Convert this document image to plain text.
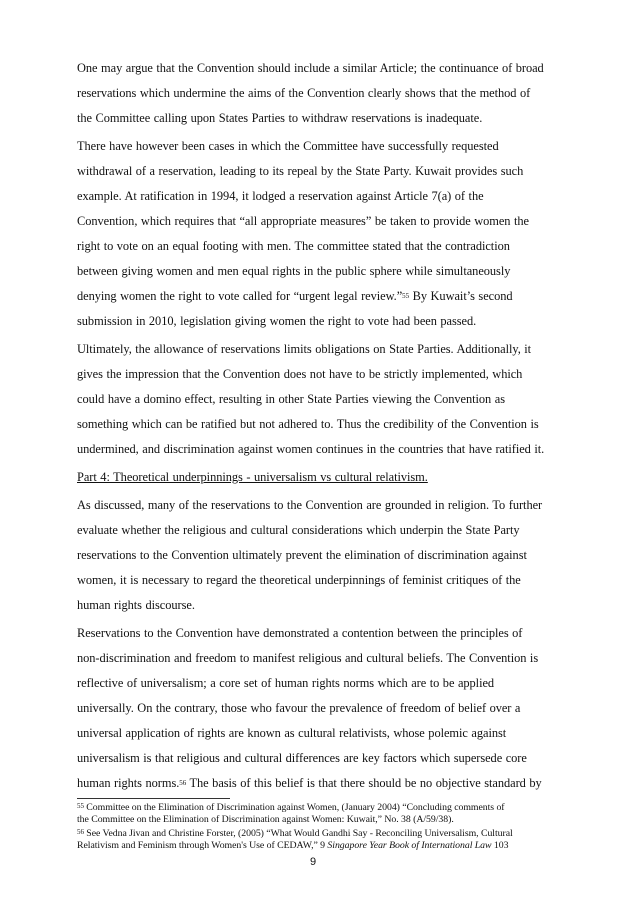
One may argue that the Convention should include a similar Article; the continuance of broad
reservations which undermine the aims of the Convention clearly shows that the method of
the Committee calling upon States Parties to withdraw reservations is inadequate.
There have however been cases in which the Committee have successfully requested
withdrawal of a reservation, leading to its repeal by the State Party. Kuwait provides such
example. At ratification in 1994, it lodged a reservation against Article 7(a) of the
Convention, which requires that “all appropriate measures” be taken to provide women the
right to vote on an equal footing with men. The committee stated that the contradiction
between giving women and men equal rights in the public sphere while simultaneously
denying women the right to vote called for “urgent legal review.”$^{55}$ By Kuwait’s second
submission in 2010, legislation giving women the right to vote had been passed.
Ultimately, the allowance of reservations limits obligations on State Parties. Additionally, it
gives the impression that the Convention does not have to be strictly implemented, which
could have a domino effect, resulting in other State Parties viewing the Convention as
something which can be ratified but not adhered to. Thus the credibility of the Convention is
undermined, and discrimination against women continues in the countries that have ratified it.
Part 4: Theoretical underpinnings - universalism vs cultural relativism.
As discussed, many of the reservations to the Convention are grounded in religion. To further
evaluate whether the religious and cultural considerations which underpin the State Party
reservations to the Convention ultimately prevent the elimination of discrimination against
women, it is necessary to regard the theoretical underpinnings of feminist critiques of the
human rights discourse.
Reservations to the Convention have demonstrated a contention between the principles of
non-discrimination and freedom to manifest religious and cultural beliefs. The Convention is
reflective of universalism; a core set of human rights norms which are to be applied
universally. On the contrary, those who favour the prevalence of freedom of belief over a
universal application of rights are known as cultural relativists, whose polemic against
universalism is that religious and cultural differences are key factors which supersede core
human rights norms.$^{56}$ The basis of this belief is that there should be no objective standard by
$^{55}$ Committee on the Elimination of Discrimination against Women, (January 2004) “Concluding comments of
the Committee on the Elimination of Discrimination against Women: Kuwait,” No. 38 (A/59/38).
$^{56}$ See Vedna Jivan and Christine Forster, (2005) “What Would Gandhi Say - Reconciling Universalism, Cultural
Relativism and Feminism through Women's Use of CEDAW,” 9 Singapore Year Book of International Law 103
9
